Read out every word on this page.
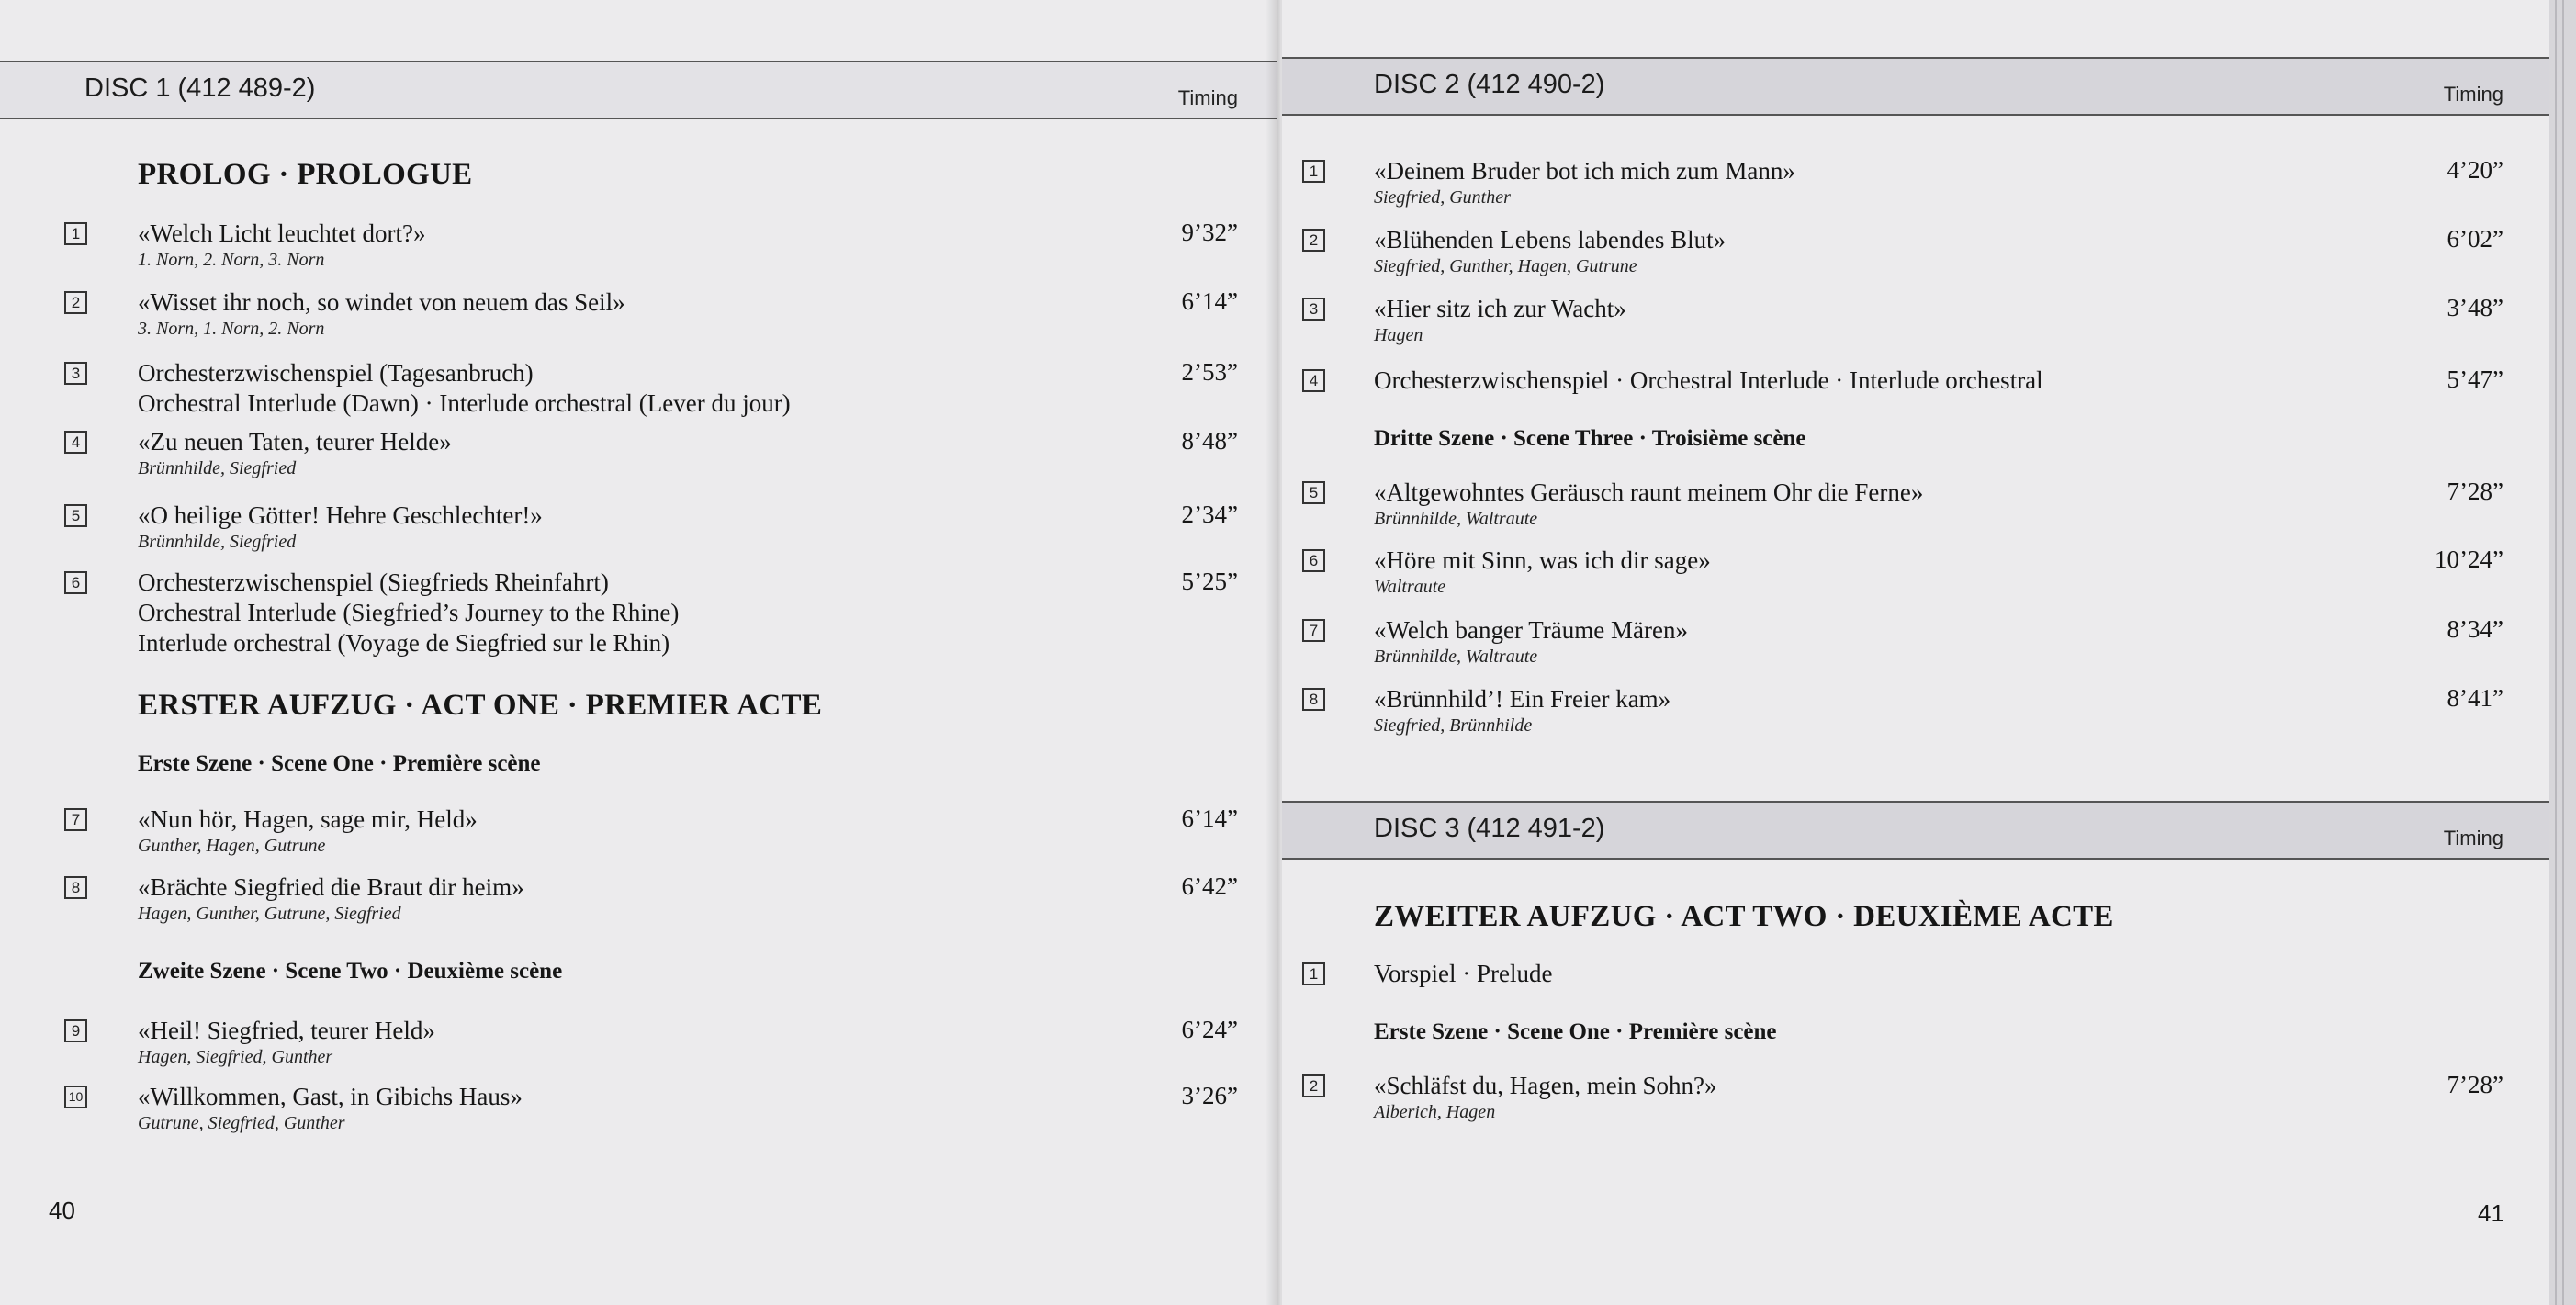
DISC 1 (412 489-2)	Timing
PROLOG · PROLOGUE
1 «Welch Licht leuchtet dort?»
1. Norn, 2. Norn, 3. Norn
9’32”
2 «Wisset ihr noch, so windet von neuem das Seil»
3. Norn, 1. Norn, 2. Norn
6’14”
3 Orchesterzwischenspiel (Tagesanbruch)
Orchestral Interlude (Dawn) · Interlude orchestral (Lever du jour)
2’53”
4 «Zu neuen Taten, teurer Helde»
Brünnhilde, Siegfried
8’48”
5 «O heilige Götter! Hehre Geschlechter!»
Brünnhilde, Siegfried
2’34”
6 Orchesterzwischenspiel (Siegfrieds Rheinfahrt)
Orchestral Interlude (Siegfried’s Journey to the Rhine)
Interlude orchestral (Voyage de Siegfried sur le Rhin)
5’25”
ERSTER AUFZUG · ACT ONE · PREMIER ACTE
Erste Szene · Scene One · Première scène
7 «Nun hör, Hagen, sage mir, Held»
Gunther, Hagen, Gutrune
6’14”
8 «Brächte Siegfried die Braut dir heim»
Hagen, Gunther, Gutrune, Siegfried
6’42”
Zweite Szene · Scene Two · Deuxième scène
9 «Heil! Siegfried, teurer Held»
Hagen, Siegfried, Gunther
6’24”
10 «Willkommen, Gast, in Gibichs Haus»
Gutrune, Siegfried, Gunther
3’26”
40
DISC 2 (412 490-2)	Timing
1 «Deinem Bruder bot ich mich zum Mann»
Siegfried, Gunther
4’20”
2 «Blühenden Lebens labendes Blut»
Siegfried, Gunther, Hagen, Gutrune
6’02”
3 «Hier sitz ich zur Wacht»
Hagen
3’48”
4 Orchesterzwischenspiel · Orchestral Interlude · Interlude orchestral	5’47”
Dritte Szene · Scene Three · Troisième scène
5 «Altgewohntes Geräusch raunt meinem Ohr die Ferne»
Brünnhilde, Waltraute
7’28”
6 «Höre mit Sinn, was ich dir sage»
Waltraute
10’24”
7 «Welch banger Träume Mären»
Brünnhilde, Waltraute
8’34”
8 «Brünnhild’! Ein Freier kam»
Siegfried, Brünnhilde
8’41”
DISC 3 (412 491-2)	Timing
ZWEITER AUFZUG · ACT TWO · DEUXIÈME ACTE
1 Vorspiel · Prelude
Erste Szene · Scene One · Première scène
2 «Schläfst du, Hagen, mein Sohn?»
Alberich, Hagen
7’28”
41
